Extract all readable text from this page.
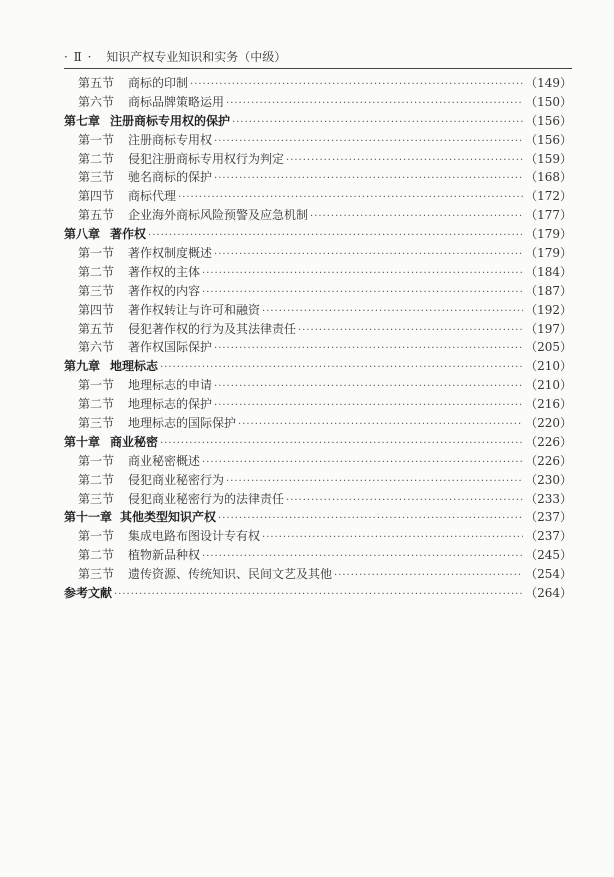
· Ⅱ · 知识产权专业知识和实务（中级）
第五节	商标的印制 ·····	（149）
第六节	商标品牌策略运用 ·····	（150）
第七章 注册商标专用权的保护 ·····	（156）
第一节	注册商标专用权 ·····	（156）
第二节	侵犯注册商标专用权行为判定 ·····	（159）
第三节	驰名商标的保护 ·····	（168）
第四节	商标代理 ·····	（172）
第五节	企业海外商标风险预警及应急机制 ·····	（177）
第八章 著作权 ·····	（179）
第一节	著作权制度概述 ·····	（179）
第二节	著作权的主体 ·····	（184）
第三节	著作权的内容 ·····	（187）
第四节	著作权转让与许可和融资 ·····	（192）
第五节	侵犯著作权的行为及其法律责任 ·····	（197）
第六节	著作权国际保护 ·····	（205）
第九章 地理标志 ·····	（210）
第一节	地理标志的申请 ·····	（210）
第二节	地理标志的保护 ·····	（216）
第三节	地理标志的国际保护 ·····	（220）
第十章 商业秘密 ·····	（226）
第一节	商业秘密概述 ·····	（226）
第二节	侵犯商业秘密行为 ·····	（230）
第三节	侵犯商业秘密行为的法律责任 ·····	（233）
第十一章 其他类型知识产权 ·····	（237）
第一节	集成电路布图设计专有权 ·····	（237）
第二节	植物新品种权 ·····	（245）
第三节	遗传资源、传统知识、民间文艺及其他 ·····	（254）
参考文献 ·····	（264）
